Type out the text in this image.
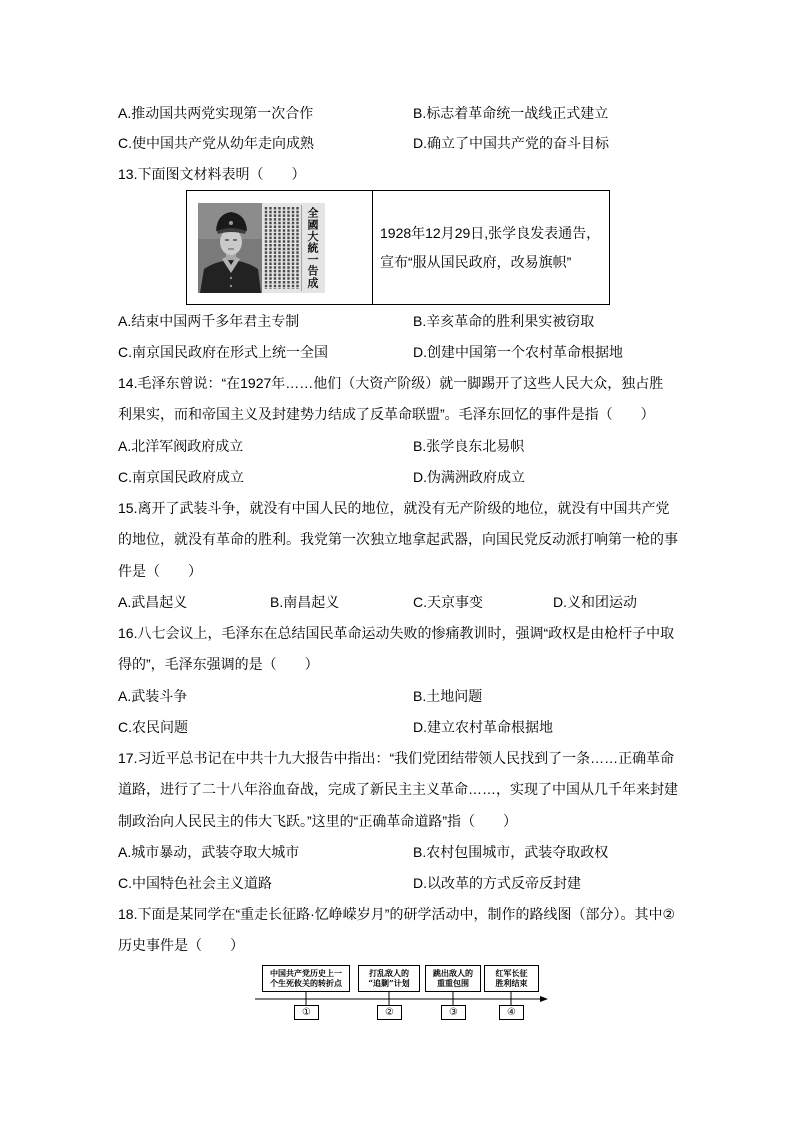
A.推动国共两党实现第一次合作	B.标志着革命统一战线正式建立
C.使中国共产党从幼年走向成熟	D.确立了中国共产党的奋斗目标
13.下面图文材料表明（　　）
全國大統一告成	1928年12月29日,张学良发表通告，
宣布“服从国民政府，改易旗帜”
A.结束中国两千多年君主专制	B.辛亥革命的胜利果实被窃取
C.南京国民政府在形式上统一全国	D.创建中国第一个农村革命根据地
14.毛泽东曾说：“在1927年……他们（大资产阶级）就一脚踢开了这些人民大众，独占胜
利果实，而和帝国主义及封建势力结成了反革命联盟”。毛泽东回忆的事件是指（　　）
A.北洋军阀政府成立	B.张学良东北易帜
C.南京国民政府成立	D.伪满洲政府成立
15.离开了武装斗争，就没有中国人民的地位，就没有无产阶级的地位，就没有中国共产党
的地位，就没有革命的胜利。我党第一次独立地拿起武器，向国民党反动派打响第一枪的事
件是（　　）
A.武昌起义	B.南昌起义	C.天京事变	D.义和团运动
16.八七会议上，毛泽东在总结国民革命运动失败的惨痛教训时，强调“政权是由枪杆子中取
得的”，毛泽东强调的是（　　）
A.武装斗争	B.土地问题
C.农民问题	D.建立农村革命根据地
17.习近平总书记在中共十九大报告中指出：“我们党团结带领人民找到了一条……正确革命
道路，进行了二十八年浴血奋战，完成了新民主主义革命……，实现了中国从几千年来封建
制政治向人民民主的伟大飞跃。”这里的“正确革命道路”指（　　）
A.城市暴动，武装夺取大城市	B.农村包围城市，武装夺取政权
C.中国特色社会主义道路	D.以改革的方式反帝反封建
18.下面是某同学在“重走长征路·忆峥嵘岁月”的研学活动中，制作的路线图（部分）。其中②
历史事件是（　　）
中国共产党历史上一
个生死攸关的转折点
打乱敌人的
“追剿”计划
跳出敌人的
重重包围
红军长征
胜利结束
①	②	③	④
